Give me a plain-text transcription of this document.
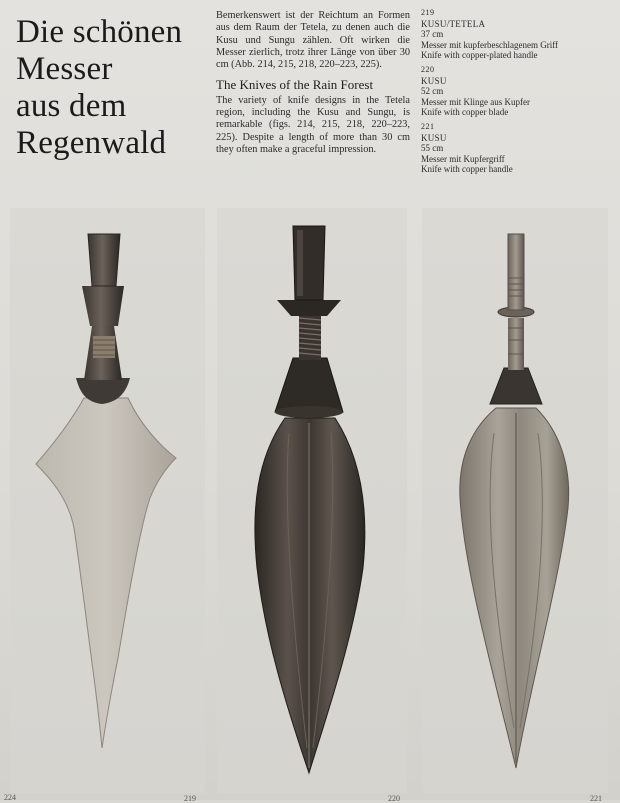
Die schönen
Messer
aus dem
Regenwald

Bemerkenswert ist der Reichtum an Formen aus dem Raum der Tetela, zu denen auch die Kusu und Sungu zählen. Oft wirken die Messer zierlich, trotz ihrer Länge von über 30 cm (Abb. 214, 215, 218, 220–223, 225).

The Knives of the Rain Forest

The variety of knife designs in the Tetela region, including the Kusu and Sungu, is remarkable (figs. 214, 215, 218, 220–223, 225). Despite a length of more than 30 cm they often make a graceful impression.

219
KUSU/TETELA
37 cm
Messer mit kupferbeschlagenem Griff
Knife with copper-plated handle
220
KUSU
52 cm
Messer mit Klinge aus Kupfer
Knife with copper blade
221
KUSU
55 cm
Messer mit Kupfergriff
Knife with copper handle
219	220	221
224
